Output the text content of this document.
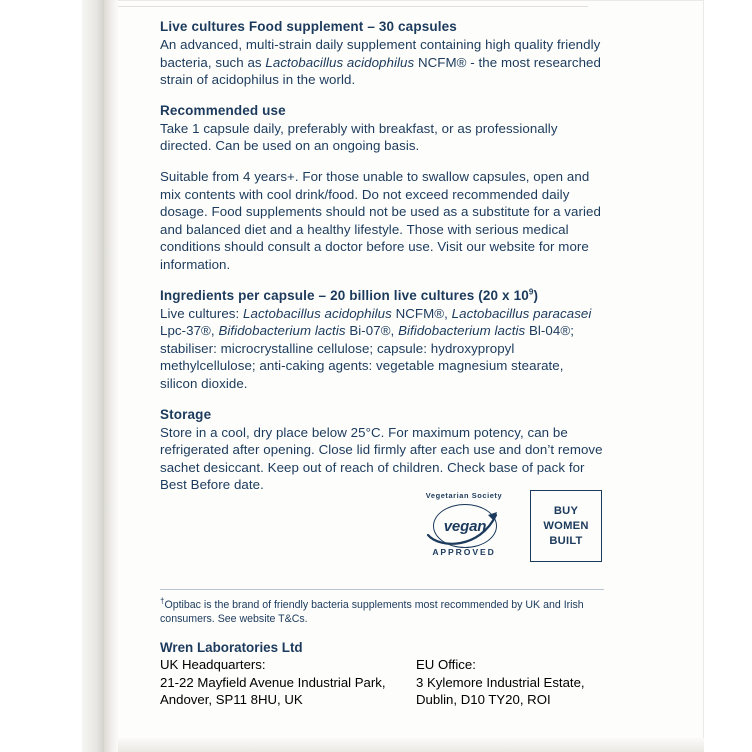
Live cultures Food supplement – 30 capsules

An advanced, multi-strain daily supplement containing high quality friendly bacteria, such as Lactobacillus acidophilus NCFM® - the most researched strain of acidophilus in the world.

Recommended use

Take 1 capsule daily, preferably with breakfast, or as professionally directed. Can be used on an ongoing basis.

Suitable from 4 years+. For those unable to swallow capsules, open and mix contents with cool drink/food. Do not exceed recommended daily dosage. Food supplements should not be used as a substitute for a varied and balanced diet and a healthy lifestyle. Those with serious medical conditions should consult a doctor before use. Visit our website for more information.

Ingredients per capsule – 20 billion live cultures (20 x $10^9$)

Live cultures: Lactobacillus acidophilus NCFM®, Lactobacillus paracasei Lpc-37®, Bifidobacterium lactis Bi-07®, Bifidobacterium lactis Bl-04®; stabiliser: microcrystalline cellulose; capsule: hydroxypropyl methylcellulose; anti-caking agents: vegetable magnesium stearate, silicon dioxide.

Storage

Store in a cool, dry place below 25°C. For maximum potency, can be refrigerated after opening. Close lid firmly after each use and don’t remove sachet desiccant. Keep out of reach of children. Check base of pack for Best Before date.

Vegetarian Society
vegan
APPROVED
BUY
WOMEN
BUILT
†Optibac is the brand of friendly bacteria supplements most recommended by UK and Irish consumers. See website T&Cs.
Wren Laboratories Ltd

UK Headquarters:

21-22 Mayfield Avenue Industrial Park,

Andover, SP11 8HU, UK

EU Office:

3 Kylemore Industrial Estate,

Dublin, D10 TY20, ROI
